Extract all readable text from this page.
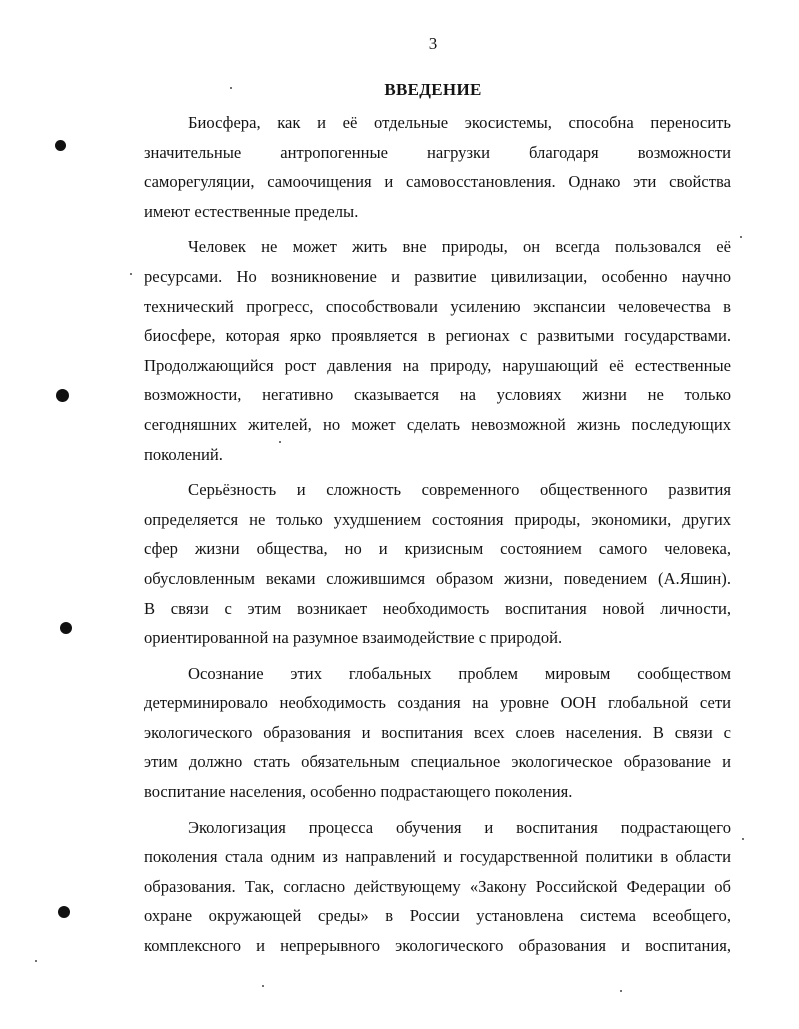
3
ВВЕДЕНИЕ
Биосфера, как и её отдельные экосистемы, способна переносить
значительные антропогенные нагрузки благодаря возможности
саморегуляции, самоочищения и самовосстановления. Однако эти свойства
имеют естественные пределы.
Человек не может жить вне природы, он всегда пользовался её
ресурсами. Но возникновение и развитие цивилизации, особенно научно
технический прогресс, способствовали усилению экспансии человечества в
биосфере, которая ярко проявляется в регионах с развитыми государствами.
Продолжающийся рост давления на природу, нарушающий её естественные
возможности, негативно сказывается на условиях жизни не только
сегодняшних жителей, но может сделать невозможной жизнь последующих
поколений.
Серьёзность и сложность современного общественного развития
определяется не только ухудшением состояния природы, экономики, других
сфер жизни общества, но и кризисным состоянием самого человека,
обусловленным веками сложившимся образом жизни, поведением (А.Яшин).
В связи с этим возникает необходимость воспитания новой личности,
ориентированной на разумное взаимодействие с природой.
Осознание этих глобальных проблем мировым сообществом
детерминировало необходимость создания на уровне ООН глобальной сети
экологического образования и воспитания всех слоев населения. В связи с
этим должно стать обязательным специальное экологическое образование и
воспитание населения, особенно подрастающего поколения.
Экологизация процесса обучения и воспитания подрастающего
поколения стала одним из направлений и государственной политики в области
образования. Так, согласно действующему «Закону Российской Федерации об
охране окружающей среды» в России установлена система всеобщего,
комплексного и непрерывного экологического образования и воспитания,
